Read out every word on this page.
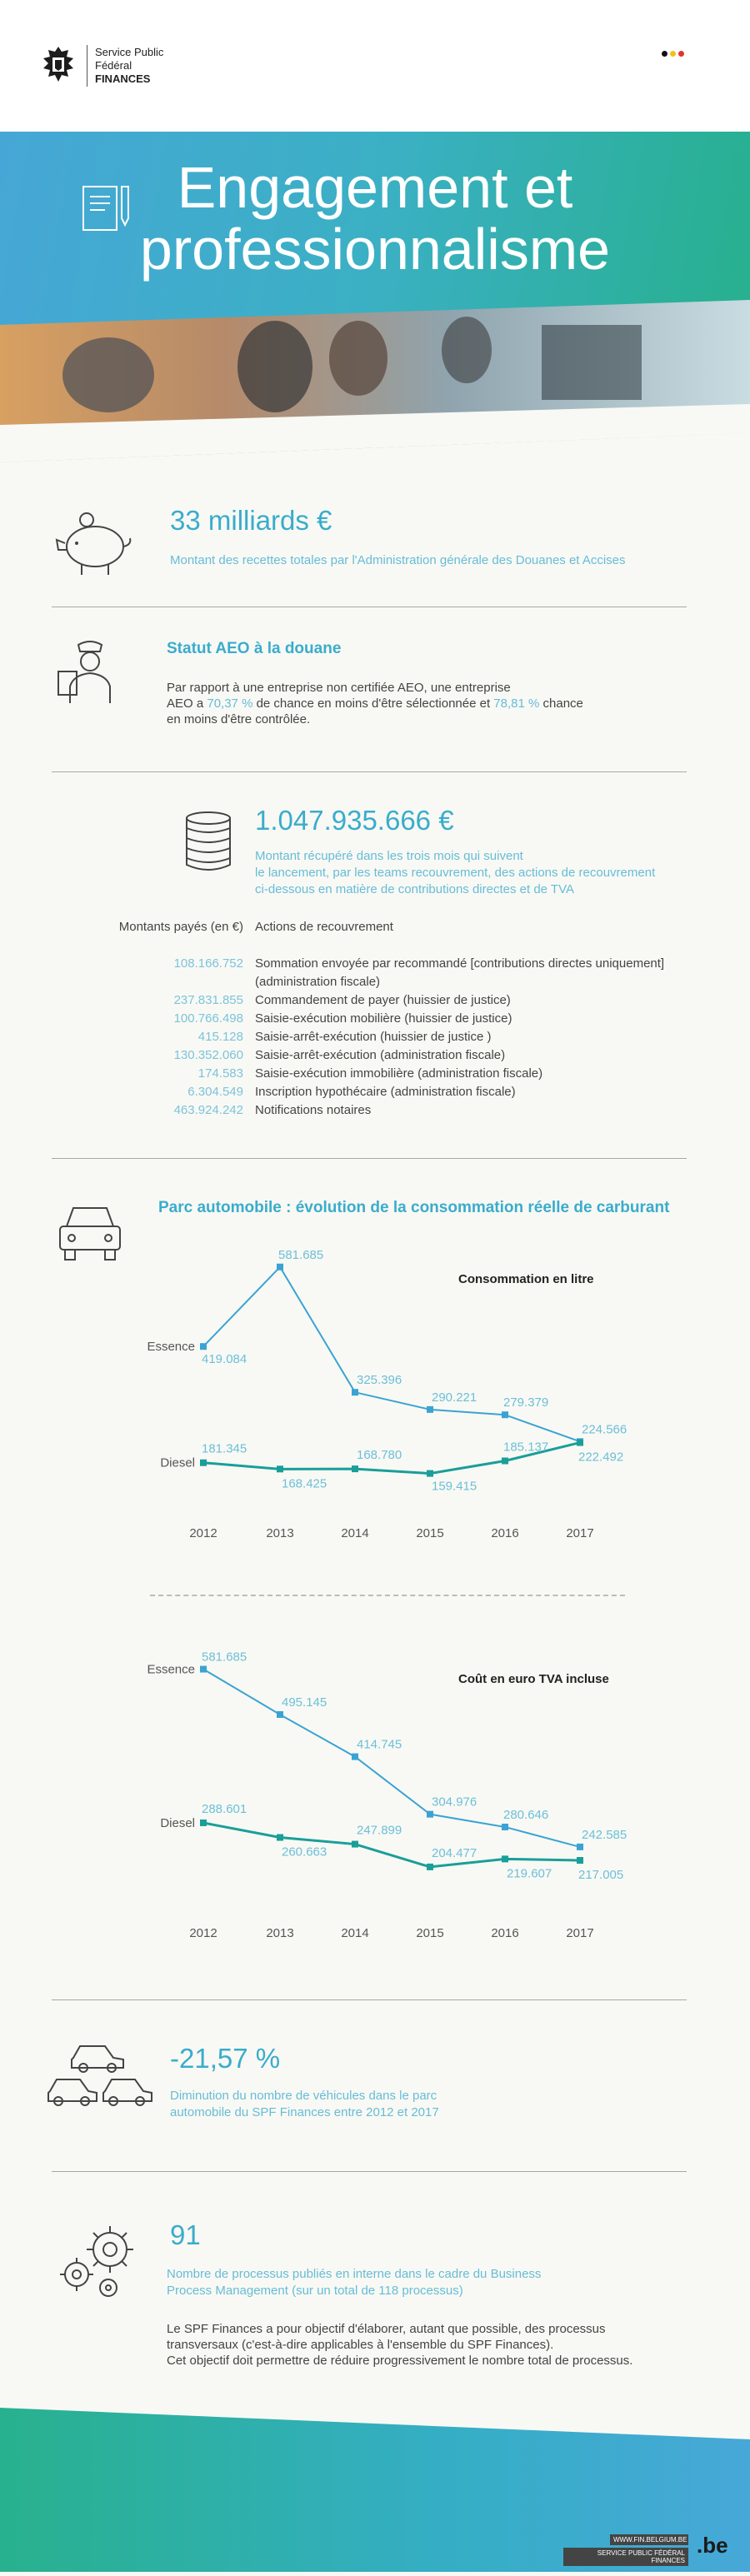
Service Public
Fédéral
FINANCES
Engagement et
professionnalisme
33 milliards €
Montant des recettes totales par l'Administration générale des Douanes et Accises
Statut AEO à la douane
Par rapport à une entreprise non certifiée AEO, une entreprise
AEO a 70,37 % de chance en moins d'être sélectionnée et 78,81 % chance
en moins d'être contrôlée.
1.047.935.666 €
Montant récupéré dans les trois mois qui suivent
le lancement, par les teams recouvrement, des actions de recouvrement
ci-dessous en matière de contributions directes et de TVA
Montants payés (en €) Actions de recouvrement
108.166.752 Sommation envoyée par recommandé [contributions directes uniquement]
(administration fiscale)
237.831.855 Commandement de payer (huissier de justice)
100.766.498 Saisie-exécution mobilière (huissier de justice)
415.128 Saisie-arrêt-exécution (huissier de justice )
130.352.060 Saisie-arrêt-exécution (administration fiscale)
174.583 Saisie-exécution immobilière (administration fiscale)
6.304.549 Inscription hypothécaire (administration fiscale)
463.924.242 Notifications notaires
Parc automobile : évolution de la consommation réelle de carburant
Consommation en litre
2012	2013	2014	2015	2016	2017
419.084
581.685
325.396
290.221 279.379
224.566
Essence
181.345
168.425
168.780
159.415
185.137
222.492
Diesel
Coût en euro TVA incluse
2012	2013	2014	2015	2016	2017
581.685
495.145
414.745
304.976
280.646
242.585
Essence
288.601
260.663
247.899
204.477
219.607 217.005
Diesel
-21,57 %
Diminution du nombre de véhicules dans le parc
automobile du SPF Finances entre 2012 et 2017
91
Nombre de processus publiés en interne dans le cadre du Business
Process Management (sur un total de 118 processus)
Le SPF Finances a pour objectif d'élaborer, autant que possible, des processus
transversaux (c'est-à-dire applicables à l'ensemble du SPF Finances).
Cet objectif doit permettre de réduire progressivement le nombre total de processus.
WWW.FIN.BELGIUM.BE
SERVICE PUBLIC FÉDÉRAL FINANCES
.be
